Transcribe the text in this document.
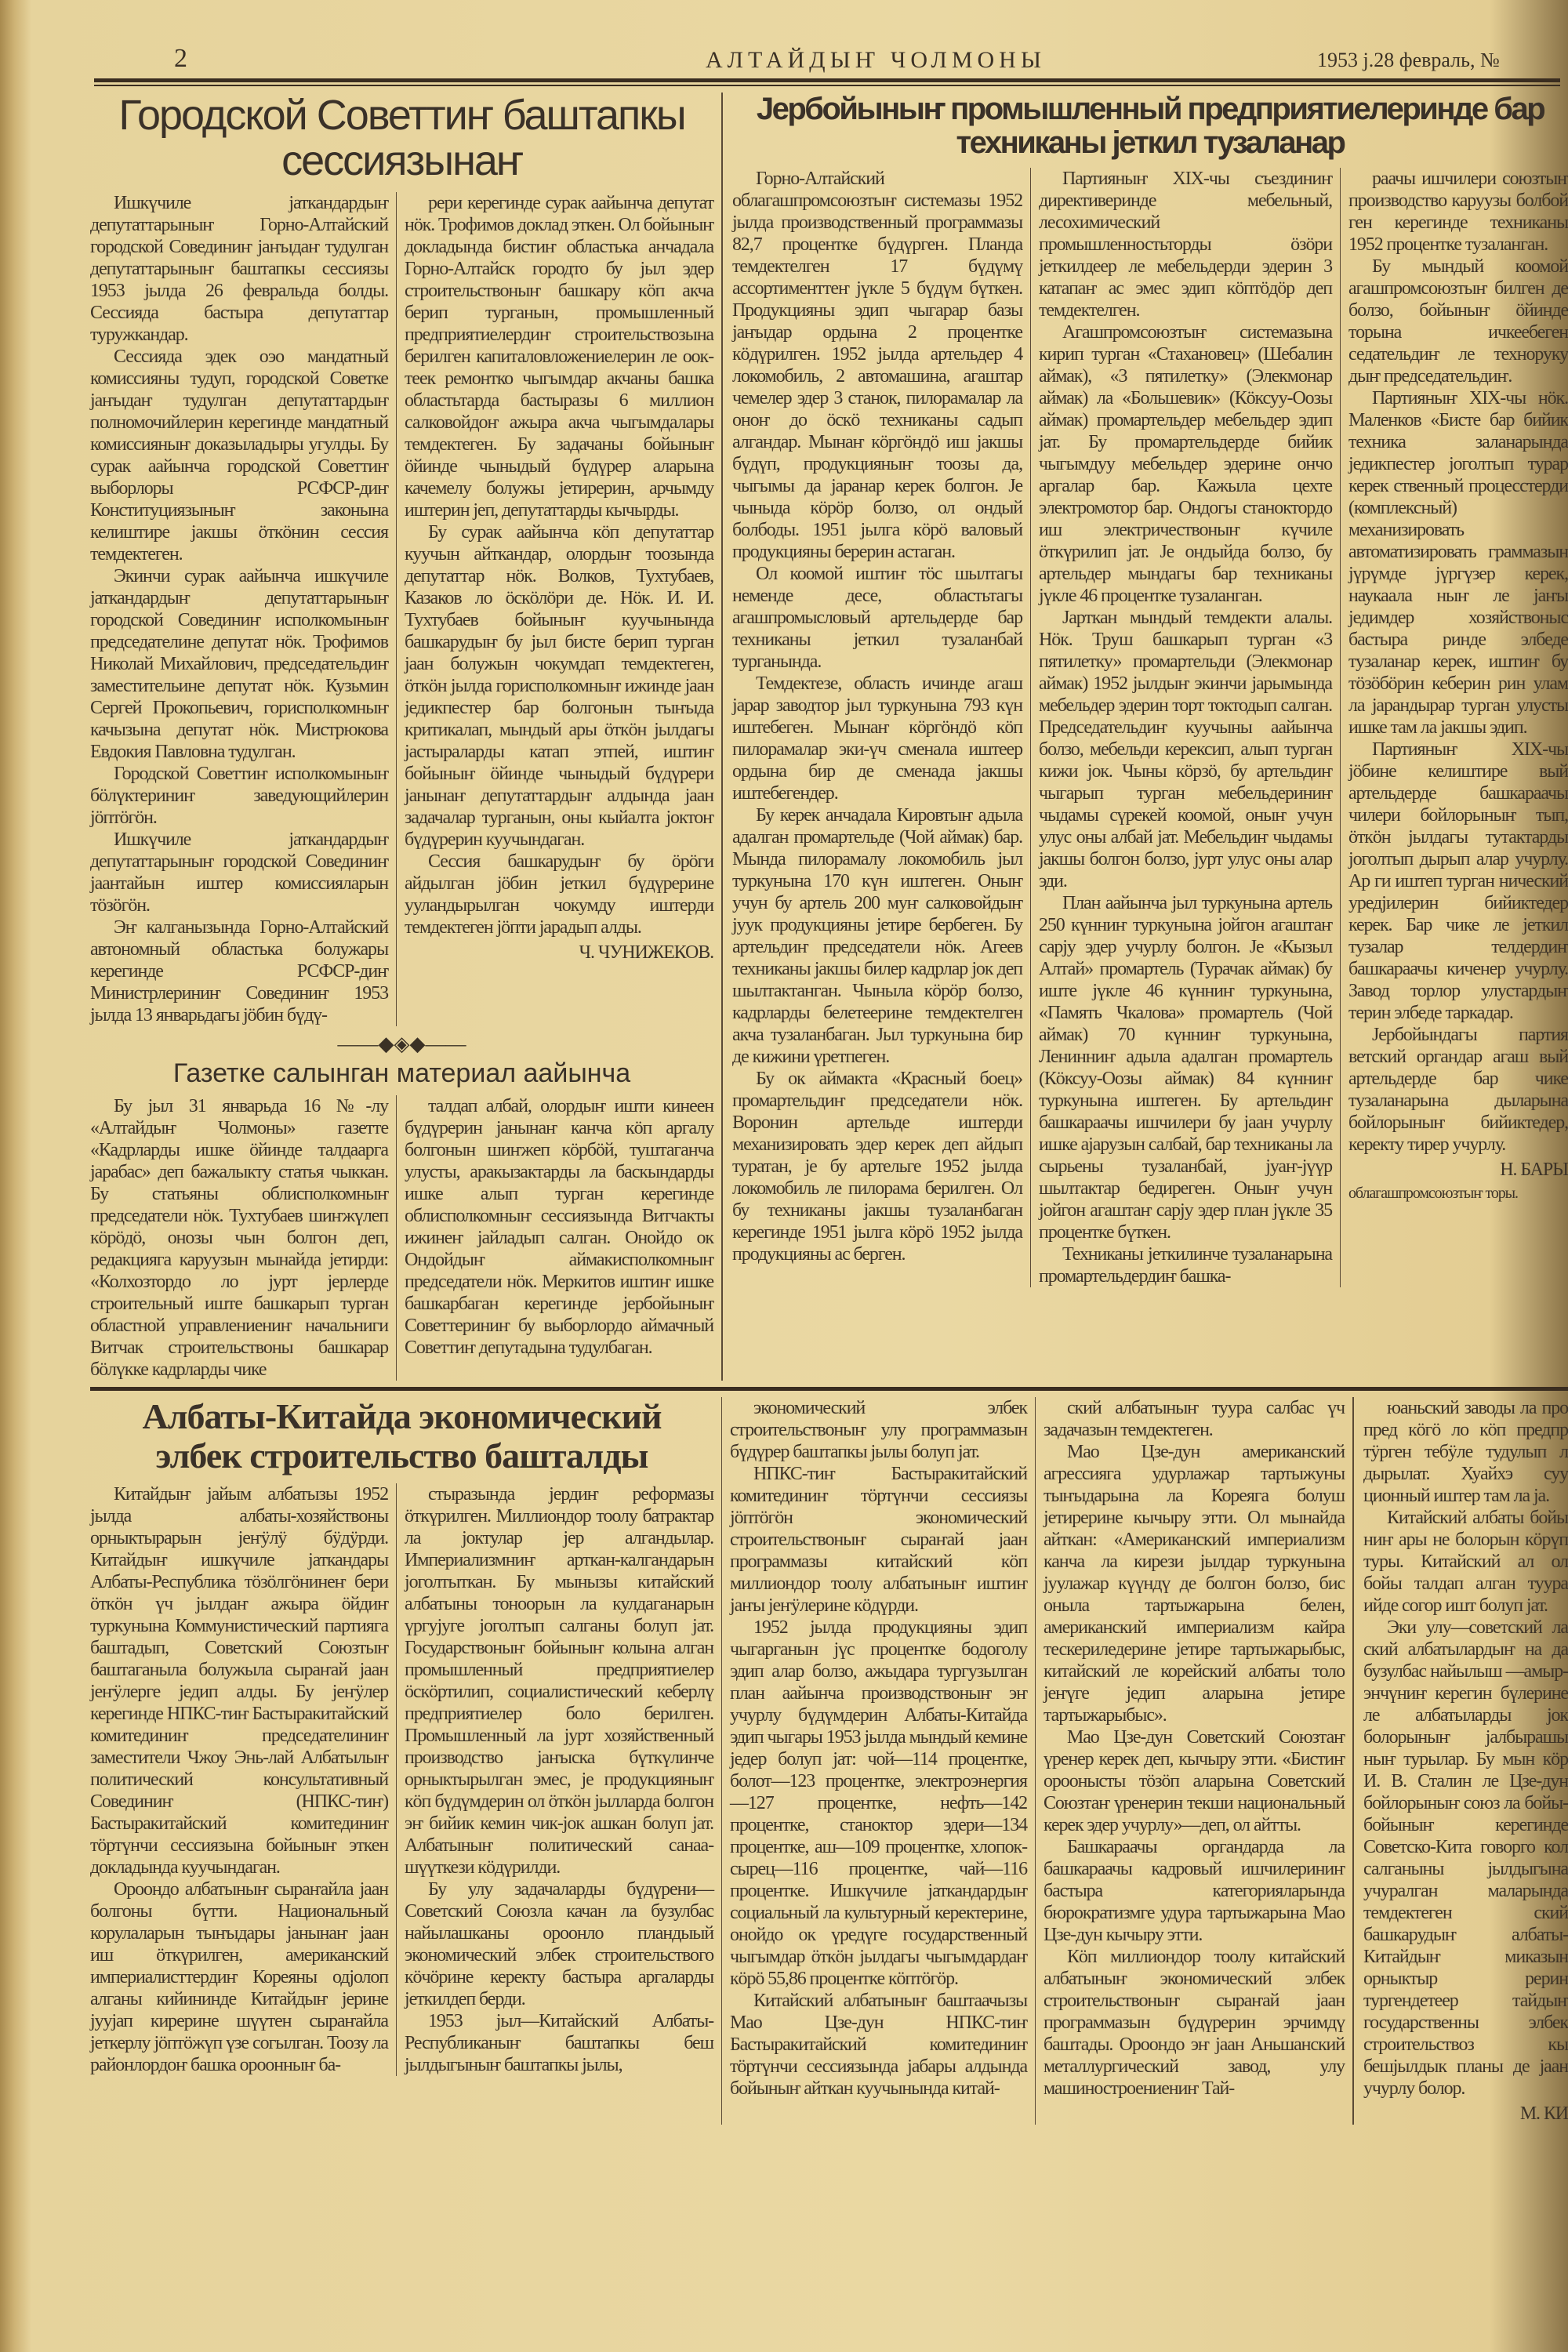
2	АЛТАЙДЫҤ ЧОЛМОНЫ	1953 j.28 февраль, №
Городской Советтиҥ баштапкы
сессиязынаҥ

Ишкүчиле jаткандардыҥ депутаттарыныҥ Горно-Алтайский городской Совединиҥ jаҥыдаҥ тудулган депутаттарыныҥ баштапкы сессиязы 1953 jылда 26 февральда болды. Сессияда бастыра депутаттар туружкандар.

Сессияда эдек оэо мандатный комиссияны тудуп, городской Советке jаҥыдаҥ тудулган депутаттардыҥ полномочийлерин керегинде мандатный комиссияныҥ доказыладыры угулды. Бу сурак аайынча городской Советтиҥ выборлоры РСФСР-диҥ Конституциязыныҥ законына келиштире jакшы öткöнин сессия темдектеген.

Экинчи сурак аайынча ишкүчиле jаткандардыҥ депутаттарыныҥ городской Совединиҥ исполкомыныҥ председателине депутат нöк. Трофимов Николай Михайлович, председательдиҥ заместительине депутат нöк. Кузьмин Сергей Прокопьевич, горисполкомныҥ качызына депутат нöк. Мистрюкова Евдокия Павловна тудулган.

Городской Советтиҥ исполкомыныҥ бöлүктериниҥ заведующийлерин jöптöгöн.

Ишкүчиле jаткандардыҥ депутаттарыныҥ городской Совединиҥ jаантайын иштер комиссияларын тöзöгöн.

Эҥ калганызында Горно-Алтайский автономный областька болужары керегинде РСФСР-диҥ Министрлериниҥ Совединиҥ 1953 jылда 13 январьдагы jöбин бүдү-

рери керегинде сурак аайынча депутат нöк. Трофимов доклад эткен. Ол бойыныҥ докладында бистиҥ областька анчадала Горно-Алтайск городто бу jыл эдер строительствоныҥ башкару кöп акча берип турганын, промышленный предприятиелердиҥ строительствозына берилген капиталовложениелерин ле оок-теек ремонтко чыгымдар акчаны башка областьтарда бастыразы 6 миллион салковойдоҥ ажыра акча чыгымдалары темдектеген. Бу задачаны бойыныҥ öйинде чыныдый бүдүрер аларына качемелу болужы jетирерин, арчымду иштерин jеп, депутаттарды кычырды.

Бу сурак аайынча кöп депутаттар куучын айткандар, олордыҥ тоозында депутаттар нöк. Волков, Тухтубаев, Казаков ло öскöлöри де. Нöк. И. И. Тухтубаев бойыныҥ куучынында башкарудыҥ бу jыл бисте берип турган jаан болужын чокумдап темдектеген, öткöн jылда горисполкомныҥ ижинде jаан jедикпестер бар болгонын тыҥыда критикалап, мындый ары öткöн jылдагы jастыраларды катап этпей, иштиҥ бойыныҥ öйинде чыныдый бүдүрери jанынаҥ депутаттардыҥ алдында jаан задачалар турганын, оны кыйалта jоктоҥ бүдүрерин куучындаган.

Сессия башкарудыҥ бу öрöги айдылган jöбин jеткил бүдүрерине ууландырылган чокумду иштерди темдектеген jöпти jарадып алды.

Ч. ЧУНИЖЕКОВ.
——◆◈◆——
Газетке салынган материал аайынча

Бу jыл 31 январьда 16 №-лу «Алтайдыҥ Чолмоны» газетте «Кадрларды ишке öйинде талдаарга jарабас» деп бажалыкту статья чыккан. Бу статьяны облисполкомныҥ председатели нöк. Тухтубаев шиҥжүлеп кöрöдö, онозы чын болгон деп, редакцияга каруузын мынайда jетирди: «Колхозтордо ло jурт jерлерде строительный иште башкарып турган областной управлениениҥ начальниги Витчак строительствоны башкарар бöлүкке кадрларды чике

талдап албай, олордыҥ ишти кинеен бүдүрерин jанынаҥ канча кöп аргалу болгонын шиҥжеп кöрбöй, туштаганча улусты, аракызактарды ла баскындарды ишке алып турган керегинде облисполкомныҥ сессиязында Витчакты ижинеҥ jайладып салган. Онойдо ок Ондойдыҥ аймакисполкомныҥ председатели нöк. Меркитов иштиҥ ишке башкарбаган керегинде jербойыныҥ Советтериниҥ бу выборлордо аймачный Советтиҥ депутадына тудулбаган.

Jербойыныҥ промышленный предприятиелеринде бар
техниканы jеткил тузаланар

Горно-Алтайский облагашпромсоюзтыҥ системазы 1952 jылда производственный программазы 82,7 процентке бүдүрген. Планда темдектелген 17 бүдүмү ассортименттеҥ jүкле 5 бүдүм бүткен. Продукцияны эдип чыгарар базы jаҥыдар ордына 2 процентке кöдүрилген. 1952 jылда артельдер 4 локомобиль, 2 автомашина, агаштар чемелер эдер 3 станок, пилорамалар ла оноҥ до öскö техниканы садып алгандар. Мынаҥ кöргöндö иш jакшы бүдүп, продукцияныҥ тоозы да, чыгымы да jаранар керек болгон. Je чыныда кöрöр болзо, ол ондый болбоды. 1951 jылга кöрö валовый продукцияны берерин астаган.

Ол коомой иштиҥ тöс шылтагы неменде десе, областьтагы агашпромысловый артельдерде бар техниканы jеткил тузаланбай турганында.

Темдектезе, область ичинде агаш jарар заводтор jыл туркунына 793 күн иштебеген. Мынаҥ кöргöндö кöп пилорамалар эки-үч сменала иштеер ордына бир де сменада jакшы иштебегендер.

Бу керек анчадала Кировтыҥ адыла адалган промартельде (Чой аймак) бар. Мында пилорамалу локомобиль jыл туркунына 170 күн иштеген. Оныҥ учун бу артель 200 муҥ салковойдыҥ jуук продукцияны jетире бербеген. Бу артельдиҥ председатели нöк. Агеев техниканы jакшы билер кадрлар jок деп шылтактанган. Чыныла кöрöр болзо, кадрларды белетееринe темдектелген акча тузаланбаган. Jыл туркунына бир де кижини үретпеген.

Бу ок аймакта «Красный боец» промартельдиҥ председатели нöк. Воронин артельде иштерди механизировать эдер керек деп айдып туратан, je бу артельге 1952 jылда локомобиль ле пилорама берилген. Ол бу техниканы jакшы тузаланбаган керегинде 1951 jылга кöрö 1952 jылда продукцияны ас берген.

Партияныҥ XIX-чы съездиниҥ директиверинде мебельный, лесохимический промышленностьторды öзöри jеткилдеер ле мебельдерди эдерин 3 катапаҥ ас эмес эдип кöптöдöр деп темдектелген.

Агашпромсоюзтыҥ системазына кирип турган «Стахановец» (Шебалин аймак), «3 пятилетку» (Элекмонар аймак) ла «Большевик» (Кöксуу-Оозы аймак) промартельдер мебельдер эдип jат. Бу промартельдерде бийик чыгымдуу мебельдер эдерине ончо аргалар бар. Кажыла цехте электромотор бар. Ондогы станоктордо иш электричествоныҥ күчиле öткүрилип jат. Je ондыйда болзо, бу артельдер мындагы бар техниканы jүкле 46 процентке тузаланган.

Jарткан мындый темдекти алалы. Нöк. Труш башкарып турган «3 пятилетку» промартельди (Элекмонар аймак) 1952 jылдыҥ экинчи jарымында мебельдер эдерин торт токтодып салган. Председательдиҥ куучыны аайынча болзо, мебельди керексип, алып турган кижи jок. Чыны кöрзö, бу артельдиҥ чыгарып турган мебельдериниҥ чыдамы сүрекей коомой, оныҥ учун улус оны албай jат. Мебельдиҥ чыдамы jакшы болгон болзо, jурт улус оны алар эди.

План аайынча jыл туркунына артель 250 күнниҥ туркунына jойгон агаштаҥ сарjу эдер учурлу болгон. Je «Кызыл Алтай» промартель (Турачак аймак) бу иште jүкле 46 күнниҥ туркунына, «Память Чкалова» промартель (Чой аймак) 70 күнниҥ туркунына, Ленинниҥ адыла адалган промартель (Кöксуу-Оозы аймак) 84 күнниҥ туркунына иштеген. Бу артельдиҥ башкараачы ишчилери бу jаан учурлу ишке аjарузын салбай, бар техниканы ла сырьены тузаланбай, jуаҥ-jүүр шылтактар бедиреген. Оныҥ учун jойгон агаштаҥ сарjу эдер план jүкле 35 процентке бүткен.

Техниканы jеткилинче тузаланарына промартельдердиҥ башка-

раачы ишчилери союзтыҥ производство каруузы болбой ген керегинде техниканы 1952 процентке тузаланган.

Бу мындый коомой агашпромсоюзтыҥ билген де болзо, бойыныҥ öйинде торына ичкеебеген седательдиҥ ле техноруку дыҥ председательдиҥ.

Партияныҥ XIX-чы нöк. Маленков «Бисте бар бийик техника заланарында jедикпестер jоголтып турар керек ственный процесстерди (комплексный) механизировать автоматизировать граммазын jүрүмде jүргүзер керек, наукаала ныҥ ле jаҥы jедимдер хозяйствоныс бастыра ринде элбеде тузаланар керек, иштиҥ бу тöзöбöрин кеберин рин улам ла jарандырар турган улусты ишке там ла jакшы эдип.

Партияныҥ XIX-чы jöбине келиштире вый артельдерде башкараачы чилери бойлорыныҥ тып, öткöн jылдагы тутактарды jоголтып дырып алар учурлу. Ар ги иштеп турган нический уредjилерин бийиктедер керек. Бар чике ле jеткил тузалар телдердиҥ башкараачы киченер учурлу. Завод торлор улустардыҥ терин элбеде таркадар.

Jербойындагы партия ветский органдар агаш вый артельдерде бар чике тузаланарына дыларына бойлорыныҥ бийиктедер, керекту тирер учурлу.

Н. БАРЫ
облагашпромсоюзтыҥ торы.
Албаты-Китайда экономический
элбек строительство башталды

Китайдыҥ jайым албатызы 1952 jылда албаты-хозяйствоны орныктырарын jеҥӱлӱ бӱдӱрди. Китайдыҥ ишкүчиле jаткандары Албаты-Республика тöзöлгöнинеҥ бери öткöн үч jылдаҥ ажыра öйдиҥ туркунына Коммунистический партияга баштадып, Советский Союзтыҥ баштаганыла болужыла сыраҥай jаан jеҥӱлерге jедип алды. Бу jеҥӱлер керегинде НПКС-тиҥ Бастыракитайский комитединиҥ председателиниҥ заместители Чжоу Энь-лай Албатылыҥ политический консультативный Совединиҥ (НПКС-тиҥ) Бастыракитайский комитединиҥ тöртүнчи сессиязына бойыныҥ эткен докладында куучындаган.

Ороондо албатыныҥ сыраҥайла jаан болгоны бүтти. Национальный корулаларын тыҥыдары jанынаҥ jаан иш öткүрилген, американский империалисттердиҥ Кореяны одjолоп алганы кийининде Китайдыҥ jерине jууjап киреринe шүүтен сыраҥайла jеткерлу jöптöжүп үзе согылган. Тоозу ла районлордоҥ башка ороонныҥ ба-

стыразында jердиҥ реформазы öткүрилген. Миллиондор тоолу батрактар ла jоктулар jер алгандылар. Империализмниҥ арткан-калгандарын jоголтыткан. Бу мынызы китайский албатыны тоноорын ла кулдаганарын үргуjуге jоголтып салганы болуп jат. Государствоныҥ бойыныҥ колына алган промышленный предприятиелер öскöртилип, социалистический кеберлү предприятиелер боло берилген. Промышленный ла jурт хозяйственный производство jаҥыска бүткүлинче орныктырылган эмес, je продукцияныҥ кöп бүдүмдерин ол öткöн jылларда болгон эҥ бийик кемин чик-jок ашкан болуп jат. Албатыныҥ политический санаа-шүүткези кöдүрилди.

Бу улу задачаларды бүдүрени—Советский Союзла качан ла бузулбас найылашканы ороонло пландыый экономический элбек строительствого кöчöрине керекту бастыра аргаларды jеткилдеп берди.

1953 jыл—Китайский Албаты-Республиканыҥ баштапкы беш jылдыгыныҥ баштапкы jылы,

экономический элбек строительствоныҥ улу программазын бүдүрер баштапкы jылы болуп jат.

НПКС-тиҥ Бастыракитайский комитединиҥ тöртүнчи сессиязы jöптöгöн экономический строительствоныҥ сыраҥай jаан программазы китайский кöп миллиондор тоолу албатыныҥ иштиҥ jаҥы jеҥӱлерине кöдүрди.

1952 jылда продукцияны эдип чыгарганын jүс процентке бодоголу эдип алар болзо, ажыдара тургузылган план аайынча производствоныҥ эҥ учурлу бүдүмдерин Албаты-Китайда эдип чыгары 1953 jылда мындый кеминe jедер болуп jат: чой—114 процентке, болот—123 процентке, электроэнергия—127 процентке, нефть—142 процентке, станоктор эдери—134 процентке, аш—109 процентке, хлопок-сырец—116 процентке, чай—116 процентке. Ишкүчиле jаткандардыҥ социальный ла культурный керектерине, онойдо ок үредүге государственный чыгымдар öткöн jылдагы чыгымдардаҥ кöрö 55,86 процентке кöптöгöр.

Китайский албатыныҥ баштаачызы Мао Цзе-дун НПКС-тиҥ Бастыракитайский комитединиҥ тöртүнчи сессиязында jабары алдында бойыныҥ айткан куучынында китай-

ский албатыныҥ туура салбас үч задачазын темдектеген.

Мао Цзе-дун американский агрессияга удурлажар тартыжуны тыҥыдарына ла Кореяга болуш jетирерине кычыру этти. Ол мынайда айткан: «Американский империализм канча ла кирези jылдар туркунына jуулажар күүндү де болгон болзо, бис оныла тартыжарына белен, американский империализм кайра тескериледерине jетире тартыжарыбыс, китайский ле корейский албаты толо jеҥүге jедип аларына jетире тартыжарыбыс».

Мао Цзе-дун Советский Союзтаҥ үренер керек деп, кычыру этти. «Бистиҥ ороонысты тöзöп аларына Советский Союзтаҥ үренерин текши национальный керек эдер учурлу»—деп, ол айтты.

Башкараачы органдарда ла башкараачы кадровый ишчилериниҥ бастыра категорияларында бюрократизмге удура тартыжарына Мао Цзе-дун кычыру этти.

Кöп миллиондор тоолу китайский албатыныҥ экономический элбек строительствоныҥ сыраҥай jаан программазын бүдүрерин эрчимдү баштады. Ороондо эҥ jаан Аньшанский металлургический завод, улу машиностроениениҥ Тай-

юаньский заводы ла про пред кöгö ло кöп предпр тӱрген тебӱле тудулып л дырылат. Хуайхэ суу ционный иштер там ла jа.

Китайский албаты бойы ниҥ ары не болорын кöрүп туры. Китайский ал ол бойы талдап алган туура ийде согор ишт болуп jат.

Эки улу—советский ла ский албатылардыҥ на да бузулбас найылыш —амыр-энчүниҥ керегин бүлерине ле албатыларды jок болорыныҥ jалбырашы ныҥ турылар. Бу мын кöр И. В. Сталин ле Цзе-дун бойлорыныҥ союз ла бойы-бойыныҥ керегинде Советско-Кита говорго кол салганыны jылдыгына учуралган маларында темдектеген ский башкарудыҥ албаты-Китайдыҥ миказын орныктыр рерин тургендетеер тайдыҥ государственны элбек строительствоз кы бешjылдык планы де jаан учурлу болор.

М. КИ
